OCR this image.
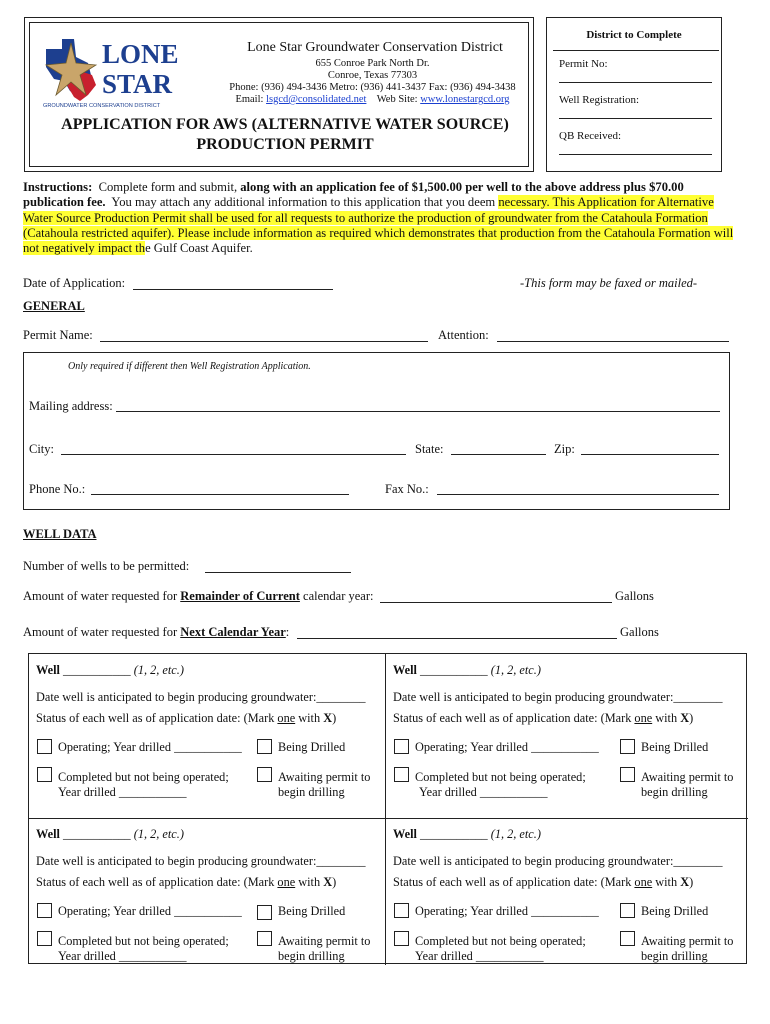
LONE
STAR
GROUNDWATER CONSERVATION DISTRICT
Lone Star Groundwater Conservation District
655 Conroe Park North Dr.
Conroe, Texas 77303
Phone: (936) 494-3436 Metro: (936) 441-3437 Fax: (936) 494-3438
Email: lsgcd@consolidated.net Web Site: www.lonestargcd.org
APPLICATION FOR AWS (ALTERNATIVE WATER SOURCE)
PRODUCTION PERMIT
District to Complete
Permit No:
Well Registration:
QB Received:
Instructions: Complete form and submit, along with an application fee of $1,500.00 per well to the above address plus $70.00 publication fee. You may attach any additional information to this application that you deem necessary. This Application for Alternative Water Source Production Permit shall be used for all requests to authorize the production of groundwater from the Catahoula Formation (Catahoula restricted aquifer). Please include information as required which demonstrates that production from the Catahoula Formation will not negatively impact the Gulf Coast Aquifer.
Date of Application:	-This form may be faxed or mailed-
GENERAL
Permit Name:	Attention:
Only required if different then Well Registration Application.
Mailing address:
City:	State:	Zip:
Phone No.:	Fax No.:
WELL DATA
Number of wells to be permitted:
Amount of water requested for Remainder of Current calendar year:	Gallons
Amount of water requested for Next Calendar Year:	Gallons
Well ___________ (1, 2, etc.)
Date well is anticipated to begin producing groundwater:________
Status of each well as of application date: (Mark one with X)
Operating; Year drilled ___________	Being Drilled
Completed but not being operated;
Year drilled ___________
Awaiting permit to
begin drilling
Well ___________ (1, 2, etc.)
Date well is anticipated to begin producing groundwater:________
Status of each well as of application date: (Mark one with X)
Operating; Year drilled ___________	Being Drilled
Completed but not being operated;
Year drilled ___________
Awaiting permit to
begin drilling
Well ___________ (1, 2, etc.)
Date well is anticipated to begin producing groundwater:________
Status of each well as of application date: (Mark one with X)
Operating; Year drilled ___________	Being Drilled
Completed but not being operated;
Year drilled ___________
Awaiting permit to
begin drilling
Well ___________ (1, 2, etc.)
Date well is anticipated to begin producing groundwater:________
Status of each well as of application date: (Mark one with X)
Operating; Year drilled ___________	Being Drilled
Completed but not being operated;
Year drilled ___________
Awaiting permit to
begin drilling
